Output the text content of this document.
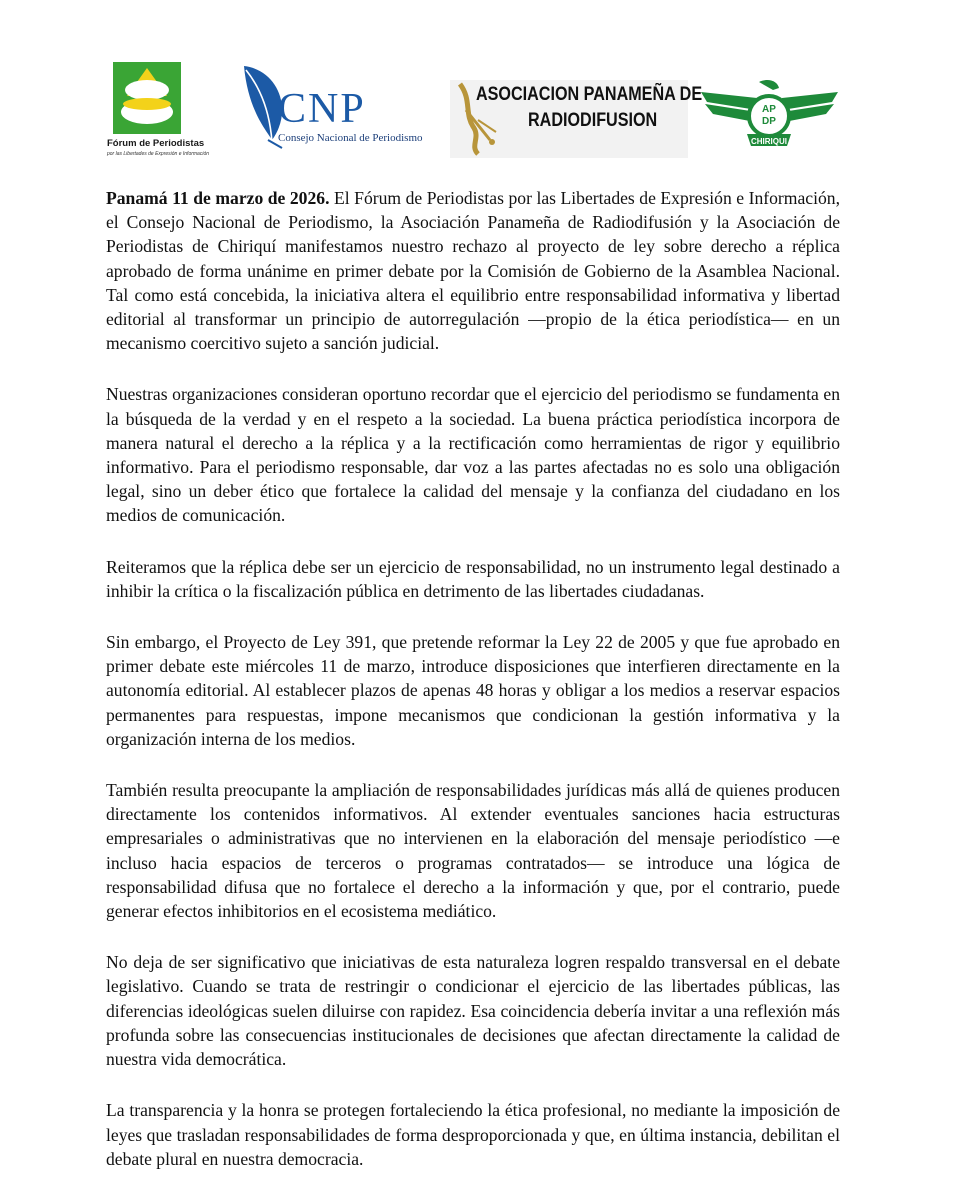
Fórum de Periodistas
por las Libertades de Expresión e Información
CNP
Consejo Nacional de Periodismo
ASOCIACION PANAMEÑA DE
RADIODIFUSION
AP
DP
CHIRIQUI

Panamá 11 de marzo de 2026. El Fórum de Periodistas por las Libertades de Expresión e Información, el Consejo Nacional de Periodismo, la Asociación Panameña de Radiodifusión y la Asociación de Periodistas de Chiriquí manifestamos nuestro rechazo al proyecto de ley sobre derecho a réplica aprobado de forma unánime en primer debate por la Comisión de Gobierno de la Asamblea Nacional. Tal como está concebida, la iniciativa altera el equilibrio entre responsabilidad informativa y libertad editorial al transformar un principio de autorregulación —propio de la ética periodística— en un mecanismo coercitivo sujeto a sanción judicial.

Nuestras organizaciones consideran oportuno recordar que el ejercicio del periodismo se fundamenta en la búsqueda de la verdad y en el respeto a la sociedad. La buena práctica periodística incorpora de manera natural el derecho a la réplica y a la rectificación como herramientas de rigor y equilibrio informativo. Para el periodismo responsable, dar voz a las partes afectadas no es solo una obligación legal, sino un deber ético que fortalece la calidad del mensaje y la confianza del ciudadano en los medios de comunicación.

Reiteramos que la réplica debe ser un ejercicio de responsabilidad, no un instrumento legal destinado a inhibir la crítica o la fiscalización pública en detrimento de las libertades ciudadanas.

Sin embargo, el Proyecto de Ley 391, que pretende reformar la Ley 22 de 2005 y que fue aprobado en primer debate este miércoles 11 de marzo, introduce disposiciones que interfieren directamente en la autonomía editorial. Al establecer plazos de apenas 48 horas y obligar a los medios a reservar espacios permanentes para respuestas, impone mecanismos que condicionan la gestión informativa y la organización interna de los medios.

También resulta preocupante la ampliación de responsabilidades jurídicas más allá de quienes producen directamente los contenidos informativos. Al extender eventuales sanciones hacia estructuras empresariales o administrativas que no intervienen en la elaboración del mensaje periodístico —e incluso hacia espacios de terceros o programas contratados— se introduce una lógica de responsabilidad difusa que no fortalece el derecho a la información y que, por el contrario, puede generar efectos inhibitorios en el ecosistema mediático.

No deja de ser significativo que iniciativas de esta naturaleza logren respaldo transversal en el debate legislativo. Cuando se trata de restringir o condicionar el ejercicio de las libertades públicas, las diferencias ideológicas suelen diluirse con rapidez. Esa coincidencia debería invitar a una reflexión más profunda sobre las consecuencias institucionales de decisiones que afectan directamente la calidad de nuestra vida democrática.

La transparencia y la honra se protegen fortaleciendo la ética profesional, no mediante la imposición de leyes que trasladan responsabilidades de forma desproporcionada y que, en última instancia, debilitan el debate plural en nuestra democracia.
